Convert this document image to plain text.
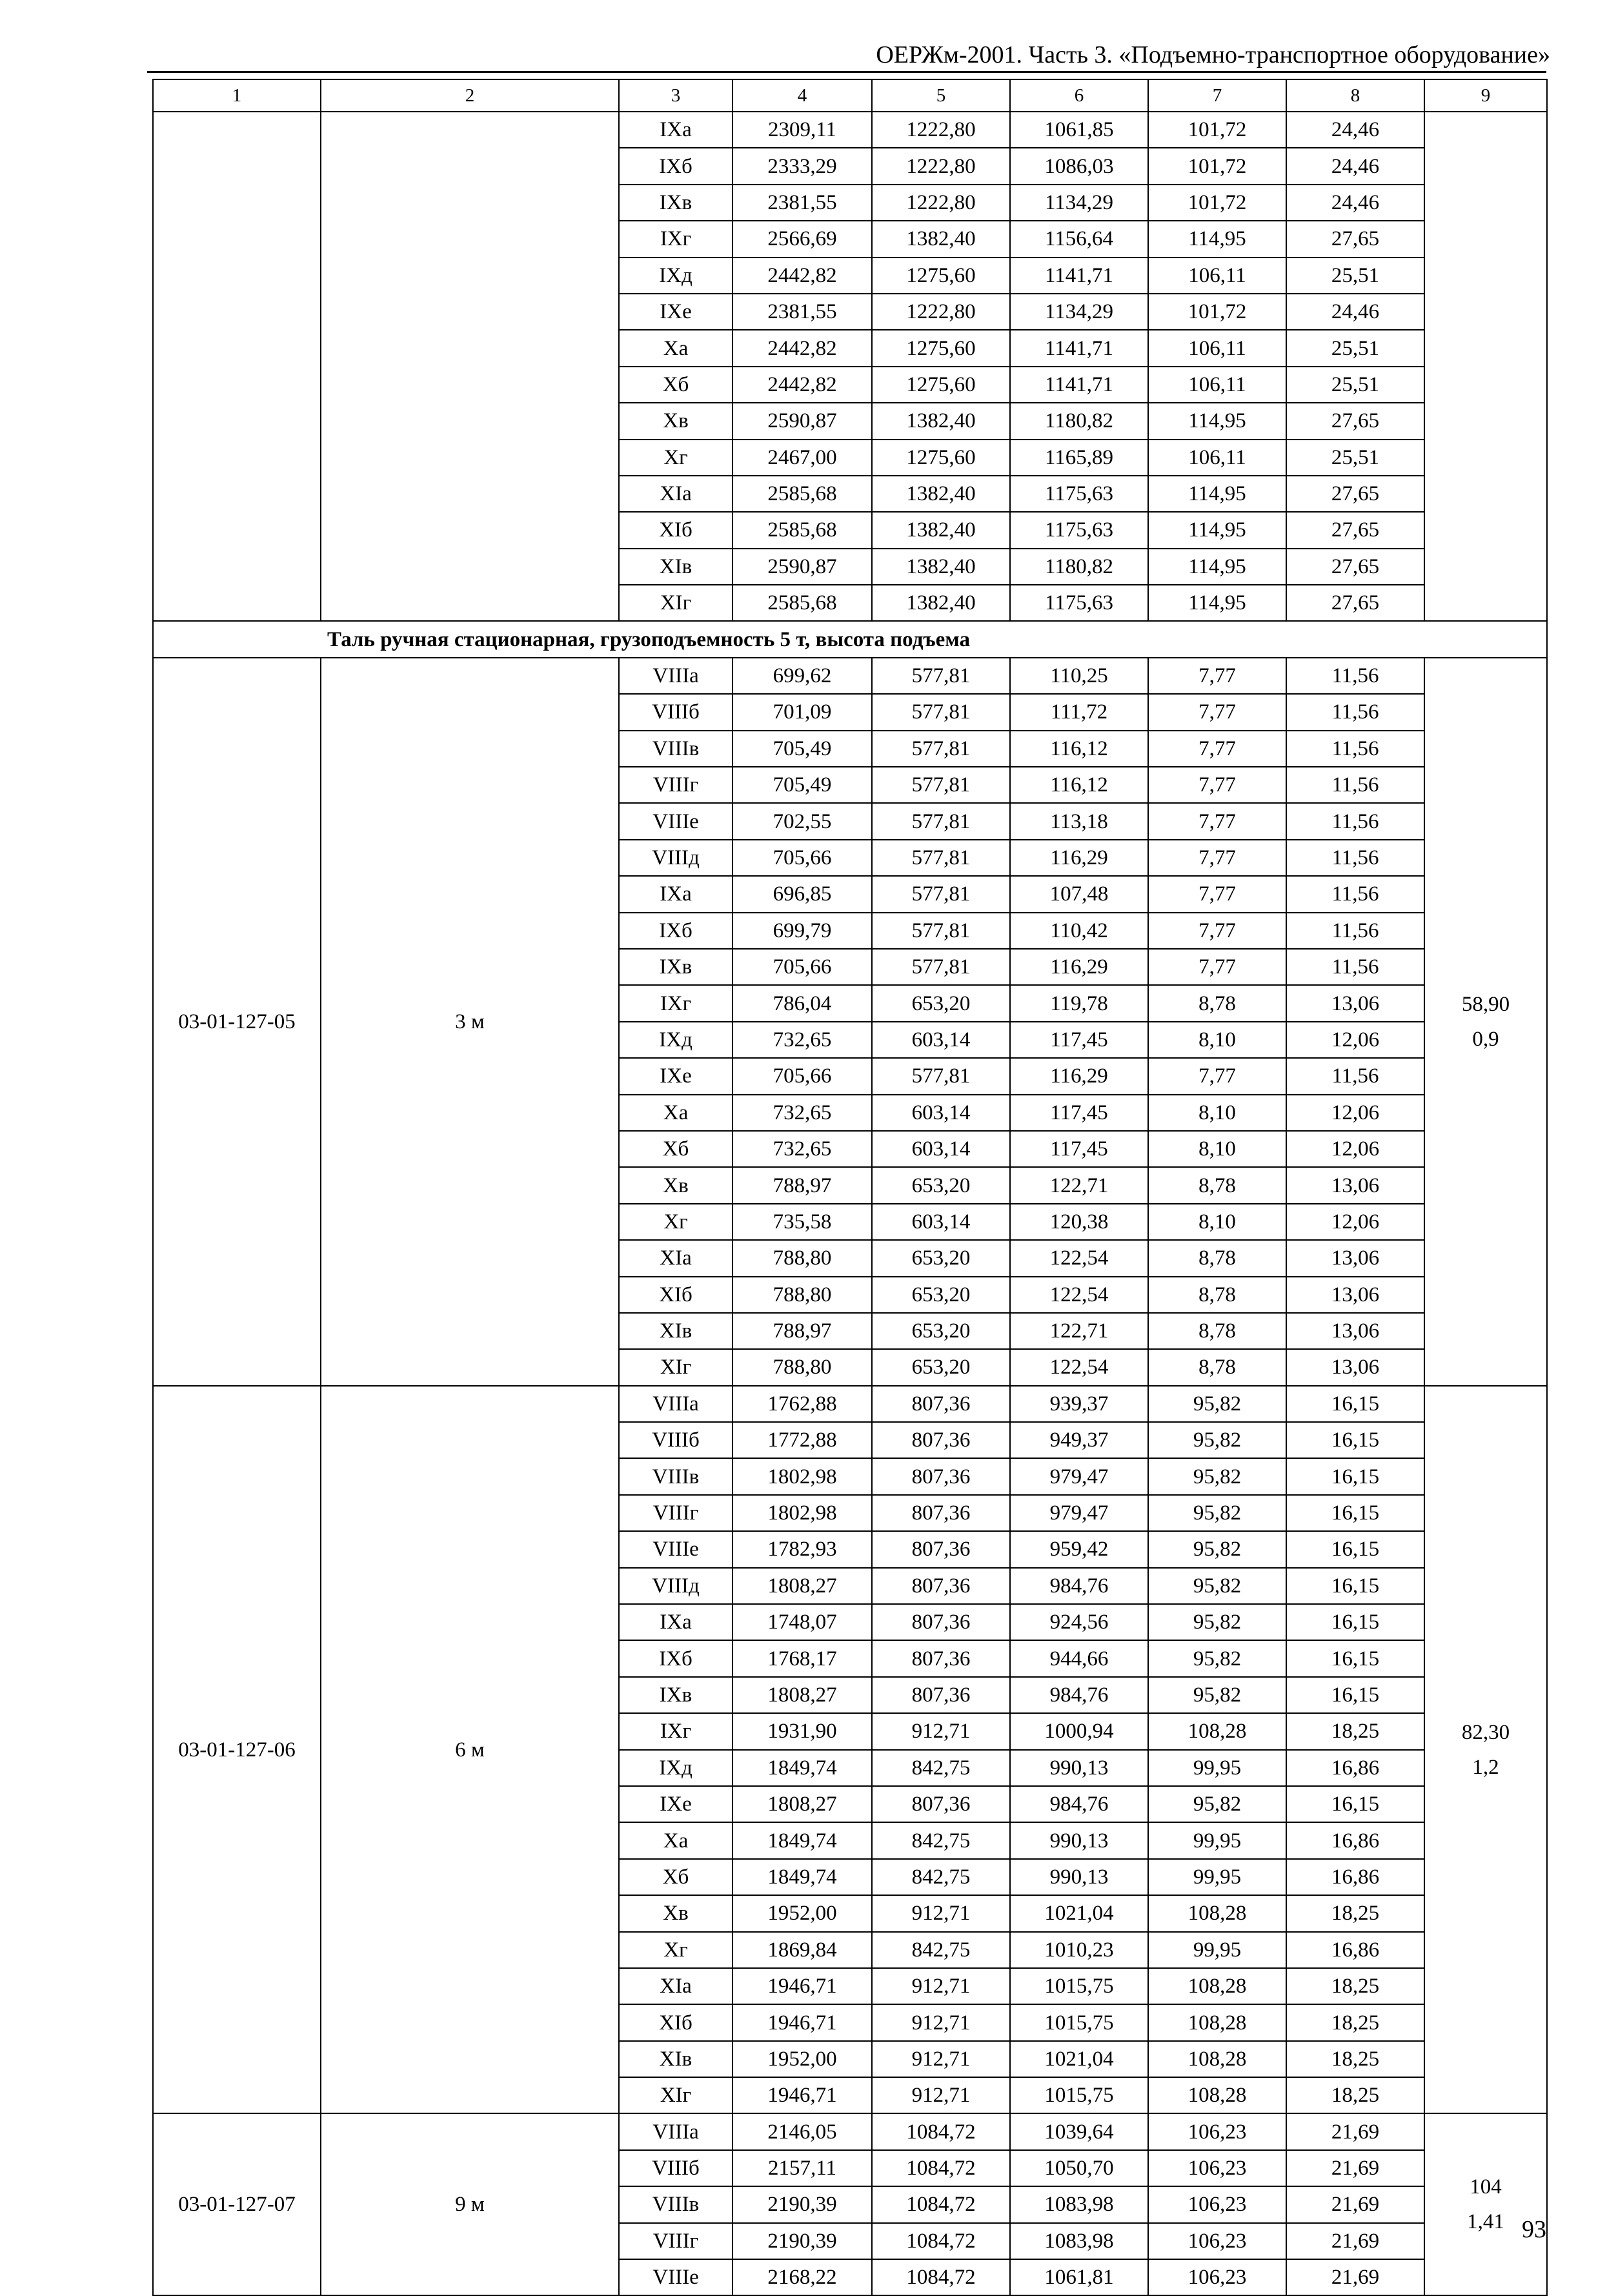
ОЕРЖм-2001. Часть 3. «Подъемно-транспортное оборудование»
1	2	3	4	5	6	7	8	9
		IXа	2309,11	1222,80	1061,85	101,72	24,46	
		IXб	2333,29	1222,80	1086,03	101,72	24,46	
		IXв	2381,55	1222,80	1134,29	101,72	24,46	
		IXг	2566,69	1382,40	1156,64	114,95	27,65	
		IXд	2442,82	1275,60	1141,71	106,11	25,51	
		IXе	2381,55	1222,80	1134,29	101,72	24,46	
		Xа	2442,82	1275,60	1141,71	106,11	25,51	
		Xб	2442,82	1275,60	1141,71	106,11	25,51	
		Xв	2590,87	1382,40	1180,82	114,95	27,65	
		Xг	2467,00	1275,60	1165,89	106,11	25,51	
		XIа	2585,68	1382,40	1175,63	114,95	27,65	
		XIб	2585,68	1382,40	1175,63	114,95	27,65	
		XIв	2590,87	1382,40	1180,82	114,95	27,65	
		XIг	2585,68	1382,40	1175,63	114,95	27,65	
	Таль ручная стационарная, грузоподъемность 5 т, высота подъема							
03-01-127-05	3 м	VIIIа	699,62	577,81	110,25	7,77	11,56	58,90
0,9

		VIIIб	701,09	577,81	111,72	7,77	11,56	
		VIIIв	705,49	577,81	116,12	7,77	11,56	
		VIIIг	705,49	577,81	116,12	7,77	11,56	
		VIIIе	702,55	577,81	113,18	7,77	11,56	
		VIIIд	705,66	577,81	116,29	7,77	11,56	
		IXа	696,85	577,81	107,48	7,77	11,56	
		IXб	699,79	577,81	110,42	7,77	11,56	
		IXв	705,66	577,81	116,29	7,77	11,56	
		IXг	786,04	653,20	119,78	8,78	13,06	
		IXд	732,65	603,14	117,45	8,10	12,06	
		IXе	705,66	577,81	116,29	7,77	11,56	
		Xа	732,65	603,14	117,45	8,10	12,06	
		Xб	732,65	603,14	117,45	8,10	12,06	
		Xв	788,97	653,20	122,71	8,78	13,06	
		Xг	735,58	603,14	120,38	8,10	12,06	
		XIа	788,80	653,20	122,54	8,78	13,06	
		XIб	788,80	653,20	122,54	8,78	13,06	
		XIв	788,97	653,20	122,71	8,78	13,06	
		XIг	788,80	653,20	122,54	8,78	13,06	
03-01-127-06	6 м	VIIIа	1762,88	807,36	939,37	95,82	16,15	82,30
1,2

		VIIIб	1772,88	807,36	949,37	95,82	16,15	
		VIIIв	1802,98	807,36	979,47	95,82	16,15	
		VIIIг	1802,98	807,36	979,47	95,82	16,15	
		VIIIе	1782,93	807,36	959,42	95,82	16,15	
		VIIIд	1808,27	807,36	984,76	95,82	16,15	
		IXа	1748,07	807,36	924,56	95,82	16,15	
		IXб	1768,17	807,36	944,66	95,82	16,15	
		IXв	1808,27	807,36	984,76	95,82	16,15	
		IXг	1931,90	912,71	1000,94	108,28	18,25	
		IXд	1849,74	842,75	990,13	99,95	16,86	
		IXе	1808,27	807,36	984,76	95,82	16,15	
		Xа	1849,74	842,75	990,13	99,95	16,86	
		Xб	1849,74	842,75	990,13	99,95	16,86	
		Xв	1952,00	912,71	1021,04	108,28	18,25	
		Xг	1869,84	842,75	1010,23	99,95	16,86	
		XIа	1946,71	912,71	1015,75	108,28	18,25	
		XIб	1946,71	912,71	1015,75	108,28	18,25	
		XIв	1952,00	912,71	1021,04	108,28	18,25	
		XIг	1946,71	912,71	1015,75	108,28	18,25	
03-01-127-07	9 м	VIIIа	2146,05	1084,72	1039,64	106,23	21,69	104
1,41

		VIIIб	2157,11	1084,72	1050,70	106,23	21,69	
		VIIIв	2190,39	1084,72	1083,98	106,23	21,69	
		VIIIг	2190,39	1084,72	1083,98	106,23	21,69	
		VIIIе	2168,22	1084,72	1061,81	106,23	21,69	
93
